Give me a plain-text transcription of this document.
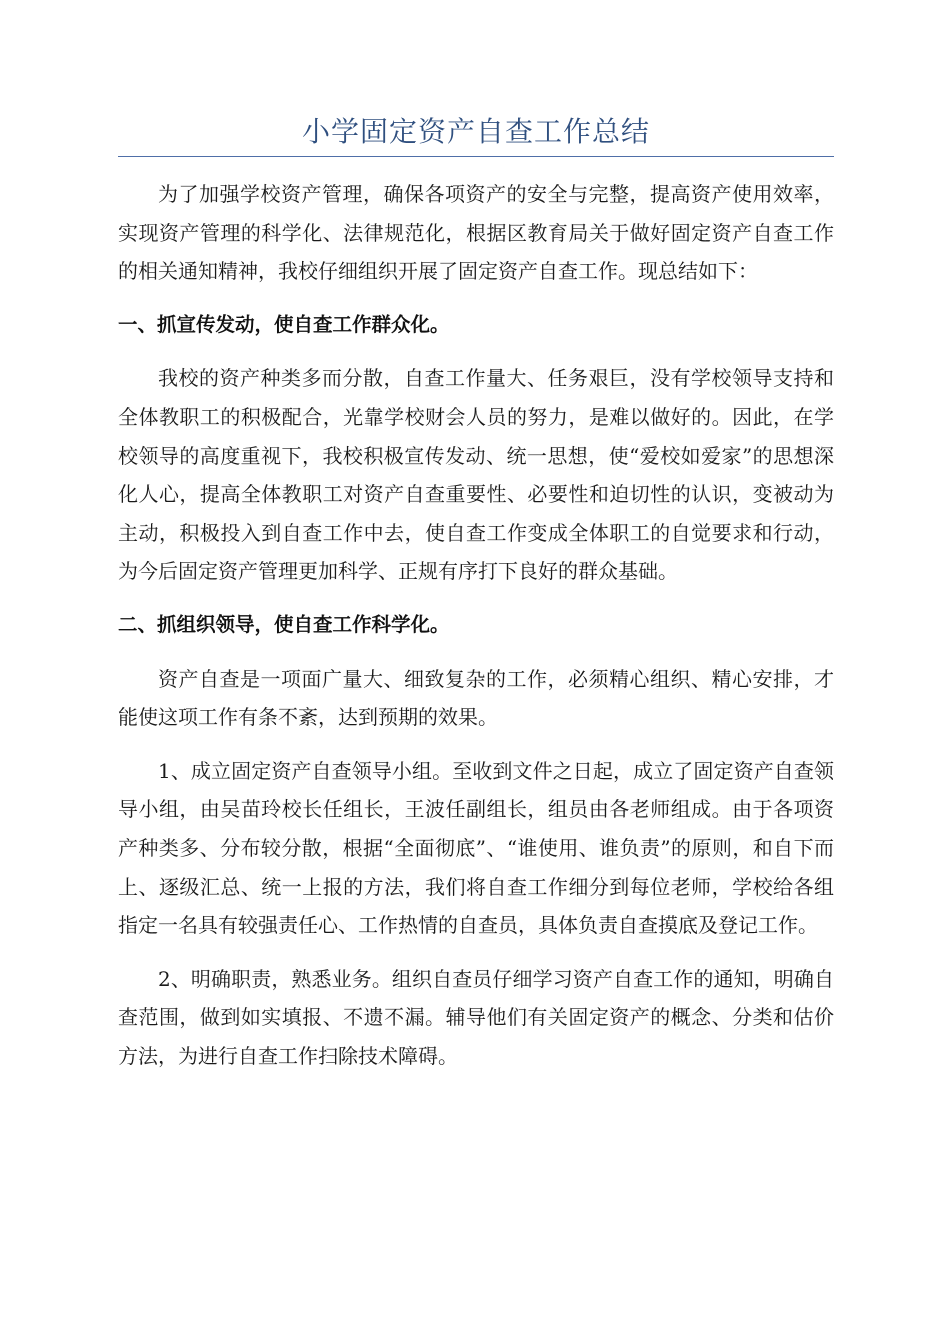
小学固定资产自查工作总结

为了加强学校资产管理，确保各项资产的安全与完整，提高资产使用效率，实现资产管理的科学化、法律规范化，根据区教育局关于做好固定资产自查工作的相关通知精神，我校仔细组织开展了固定资产自查工作。现总结如下：

一、抓宣传发动，使自查工作群众化。

我校的资产种类多而分散，自查工作量大、任务艰巨，没有学校领导支持和全体教职工的积极配合，光靠学校财会人员的努力，是难以做好的。因此，在学校领导的高度重视下，我校积极宣传发动、统一思想，使“爱校如爱家”的思想深化人心，提高全体教职工对资产自查重要性、必要性和迫切性的认识，变被动为主动，积极投入到自查工作中去，使自查工作变成全体职工的自觉要求和行动，为今后固定资产管理更加科学、正规有序打下良好的群众基础。

二、抓组织领导，使自查工作科学化。

资产自查是一项面广量大、细致复杂的工作，必须精心组织、精心安排，才能使这项工作有条不紊，达到预期的效果。

1、成立固定资产自查领导小组。至收到文件之日起，成立了固定资产自查领导小组，由吴苗玲校长任组长，王波任副组长，组员由各老师组成。由于各项资产种类多、分布较分散，根据“全面彻底”、“谁使用、谁负责”的原则，和自下而上、逐级汇总、统一上报的方法，我们将自查工作细分到每位老师，学校给各组指定一名具有较强责任心、工作热情的自查员，具体负责自查摸底及登记工作。

2、明确职责，熟悉业务。组织自查员仔细学习资产自查工作的通知，明确自查范围，做到如实填报、不遗不漏。辅导他们有关固定资产的概念、分类和估价方法，为进行自查工作扫除技术障碍。
